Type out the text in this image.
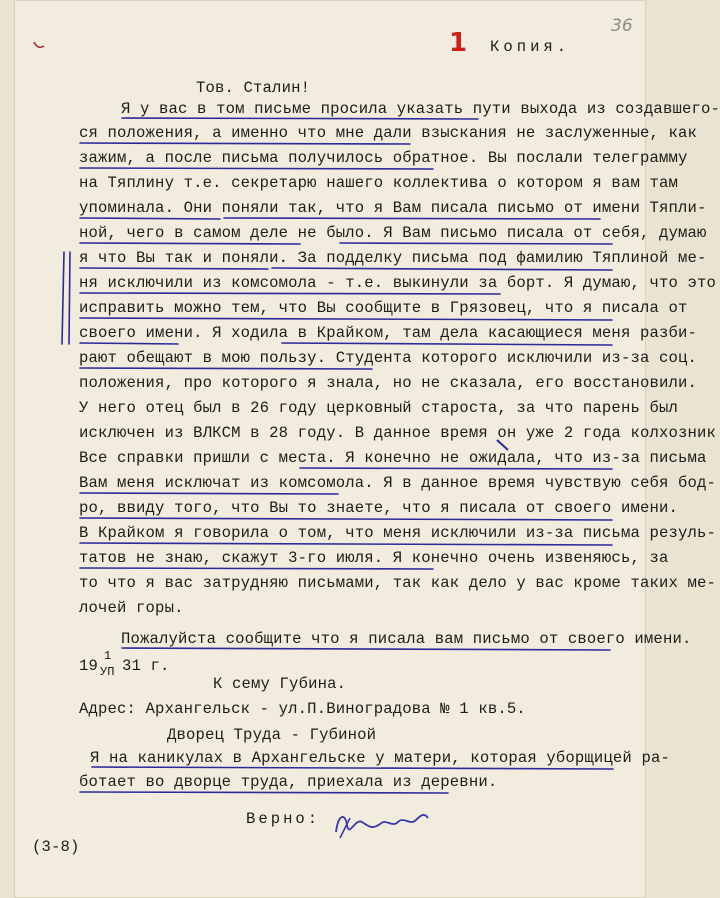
1
36
Копия.
Тов. Сталин!
Я у вас в том письме просила указать пути выхода из создавшего-
ся положения, а именно что мне дали взыскания не заслуженные, как
зажим, а после письма получилось обратное. Вы послали телеграмму
на Тяплину т.е. секретарю нашего коллектива о котором я вам там
упоминала. Они поняли так, что я Вам писала письмо от имени Тяпли-
ной, чего в самом деле не было. Я Вам письмо писала от себя, думаю
я что Вы так и поняли. За подделку письма под фамилию Тяплиной ме-
ня исключили из комсомола - т.е. выкинули за борт. Я думаю, что это
исправить можно тем, что Вы сообщите в Грязовец, что я писала от
своего имени. Я ходила в Крайком, там дела касающиеся меня разби-
рают обещают в мою пользу. Студента которого исключили из-за соц.
положения, про которого я знала, но не сказала, его восстановили.
У него отец был в 26 году церковный староста, за что парень был
исключен из ВЛКСМ в 28 году. В данное время он уже 2 года колхозник
Все справки пришли с места. Я конечно не ожидала, что из-за письма
Вам меня исключат из комсомола. Я в данное время чувствую себя бод-
ро, ввиду того, что Вы то знаете, что я писала от своего имени.
В Крайком я говорила о том, что меня исключили из-за письма резуль-
татов не знаю, скажут 3-го июля. Я конечно очень извеняюсь, за
то что я вас затрудняю письмами, так как дело у вас кроме таких ме-
лочей горы.
Пожалуйста сообщите что я писала вам письмо от своего имени.
19
1
УП 31 г.
К сему Губина.
Адрес: Архангельск - ул.П.Виноградова № 1 кв.5.
Дворец Труда - Губиной
Я на каникулах в Архангельске у матери, которая уборщицей ра-
ботает во дворце труда, приехала из деревни.
Верно:
(3-8)
